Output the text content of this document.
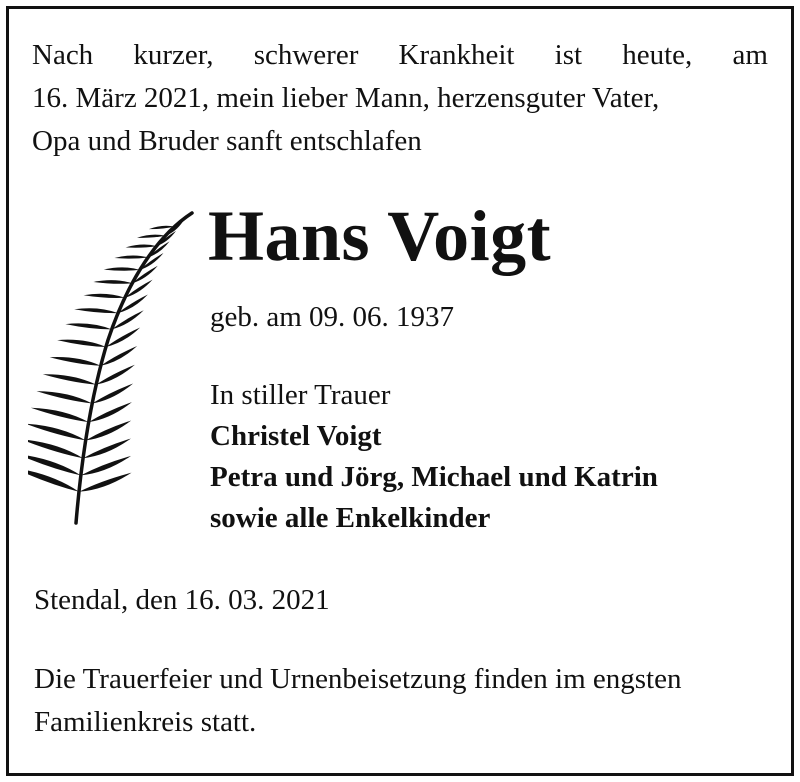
Nach kurzer, schwerer Krankheit ist heute, am
16. März 2021, mein lieber Mann, herzensguter Vater,
Opa und Bruder sanft entschlafen
Hans Voigt
geb. am 09. 06. 1937
In stiller Trauer
Christel Voigt
Petra und Jörg, Michael und Katrin
sowie alle Enkelkinder
Stendal, den 16. 03. 2021
Die Trauerfeier und Urnenbeisetzung finden im engsten
Familienkreis statt.
